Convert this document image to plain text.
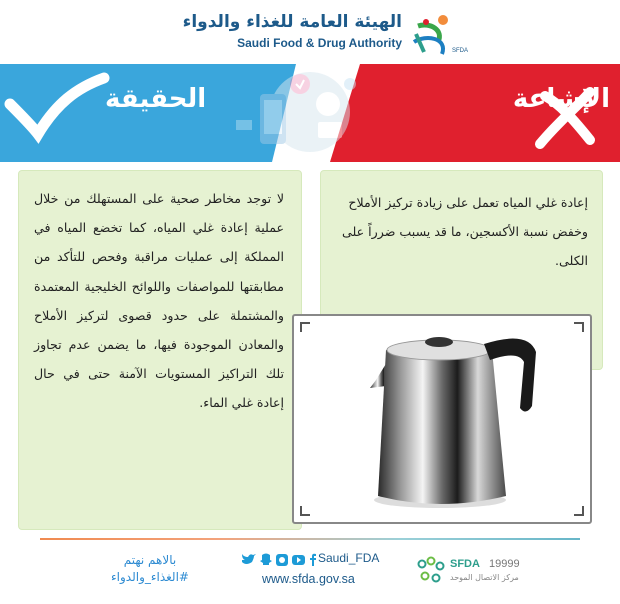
SFDA
الهيئة العامة للغذاء والدواء
Saudi Food & Drug Authority
الإشاعة
الحقيقة
لا توجد مخاطر صحية على المستهلك من خلال عملية إعادة غلي المياه، كما تخضع المياه في المملكة إلى عمليات مراقبة وفحص للتأكد من مطابقتها للمواصفات واللوائح الخليجية المعتمدة والمشتملة على حدود قصوى لتركيز الأملاح والمعادن الموجودة فيها، ما يضمن عدم تجاوز تلك التراكيز المستويات الآمنة حتى في حال إعادة غلي الماء.
إعادة غلي المياه تعمل على زيادة تركيز الأملاح وخفض نسبة الأكسجين، ما قد يسبب ضرراً على الكلى.
بالاهم نهتم
#الغذاء_والدواء
Saudi_FDA
www.sfda.gov.sa
SFDA 19999
مركز الاتصال الموحد
